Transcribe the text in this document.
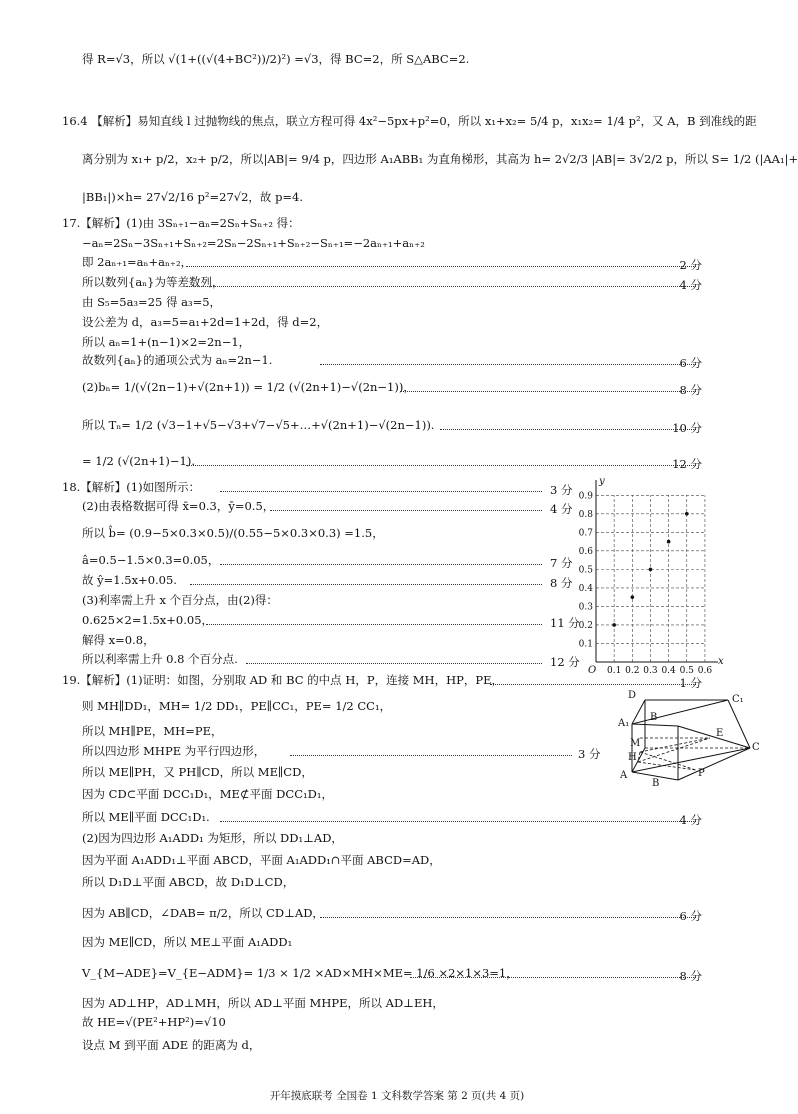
得 R=√3，所以 √(1+((√(4+BC²))/2)²) =√3，得 BC=2，所 S△ABC=2.
16.4 【解析】易知直线 l 过抛物线的焦点，联立方程可得 4x²−5px+p²=0，所以 x₁+x₂= 5/4 p，x₁x₂= 1/4 p²，又 A，B 到准线的距
离分别为 x₁+ p/2，x₂+ p/2，所以|AB|= 9/4 p，四边形 A₁ABB₁ 为直角梯形，其高为 h= 2√2/3 |AB|= 3√2/2 p，所以 S= 1/2 (|AA₁|+
|BB₁|)×h= 27√2/16 p²=27√2，故 p=4.
17.【解析】(1)由 3Sₙ₊₁−aₙ=2Sₙ+Sₙ₊₂ 得：
−aₙ=2Sₙ−3Sₙ₊₁+Sₙ₊₂=2Sₙ−2Sₙ₊₁+Sₙ₊₂−Sₙ₊₁=−2aₙ₊₁+aₙ₊₂
即 2aₙ₊₁=aₙ+aₙ₊₂，
所以数列{aₙ}为等差数列，
由 S₅=5a₃=25 得 a₃=5，
设公差为 d，a₃=5=a₁+2d=1+2d，得 d=2，
所以 aₙ=1+(n−1)×2=2n−1，
故数列{aₙ}的通项公式为 aₙ=2n−1.
(2)bₙ= 1/(√(2n−1)+√(2n+1)) = 1/2 (√(2n+1)−√(2n−1))，
所以 Tₙ= 1/2 (√3−1+√5−√3+√7−√5+…+√(2n+1)−√(2n−1)).
= 1/2 (√(2n+1)−1).
18.【解析】(1)如图所示：
(2)由表格数据可得 x̄=0.3，ȳ=0.5，
所以 b̂= (0.9−5×0.3×0.5)/(0.55−5×0.3×0.3) =1.5，
â=0.5−1.5×0.3=0.05，
故 ŷ=1.5x+0.05.
(3)利率需上升 x 个百分点，由(2)得：
0.625×2=1.5x+0.05，
解得 x=0.8，
所以利率需上升 0.8 个百分点.
19.【解析】(1)证明：如图，分别取 AD 和 BC 的中点 H，P，连接 MH，HP，PE，
则 MH∥DD₁，MH= 1/2 DD₁，PE∥CC₁，PE= 1/2 CC₁，
所以 MH∥PE，MH=PE，
所以四边形 MHPE 为平行四边形，
所以 ME∥PH，又 PH∥CD，所以 ME∥CD，
因为 CD⊂平面 DCC₁D₁，ME⊄平面 DCC₁D₁，
所以 ME∥平面 DCC₁D₁.
(2)因为四边形 A₁ADD₁ 为矩形，所以 DD₁⊥AD，
因为平面 A₁ADD₁⊥平面 ABCD，平面 A₁ADD₁∩平面 ABCD=AD，
所以 D₁D⊥平面 ABCD，故 D₁D⊥CD，
因为 AB∥CD，∠DAB= π/2，所以 CD⊥AD，
因为 ME∥CD，所以 ME⊥平面 A₁ADD₁
V_{M−ADE}=V_{E−ADM}= 1/3 × 1/2 ×AD×MH×ME= 1/6 ×2×1×3=1，
因为 AD⊥HP，AD⊥MH，所以 AD⊥平面 MHPE，所以 AD⊥EH，
故 HE=√(PE²+HP²)=√10
设点 M 到平面 ADE 的距离为 d，
2 分
4 分
6 分
8 分
10 分
12 分
3 分
4 分
7 分
8 分
11 分
12 分
1 分
3 分
4 分
6 分
8 分
0.1
0.2
0.3
0.4
0.5
0.6
0.7
0.8
0.9
0.1 0.2 0.3 0.4 0.5 0.6
x
y
O
D	C₁
A₁
B
M
E
C
H
A
B
P
开年摸底联考 全国卷 1 文科数学答案 第 2 页(共 4 页)
